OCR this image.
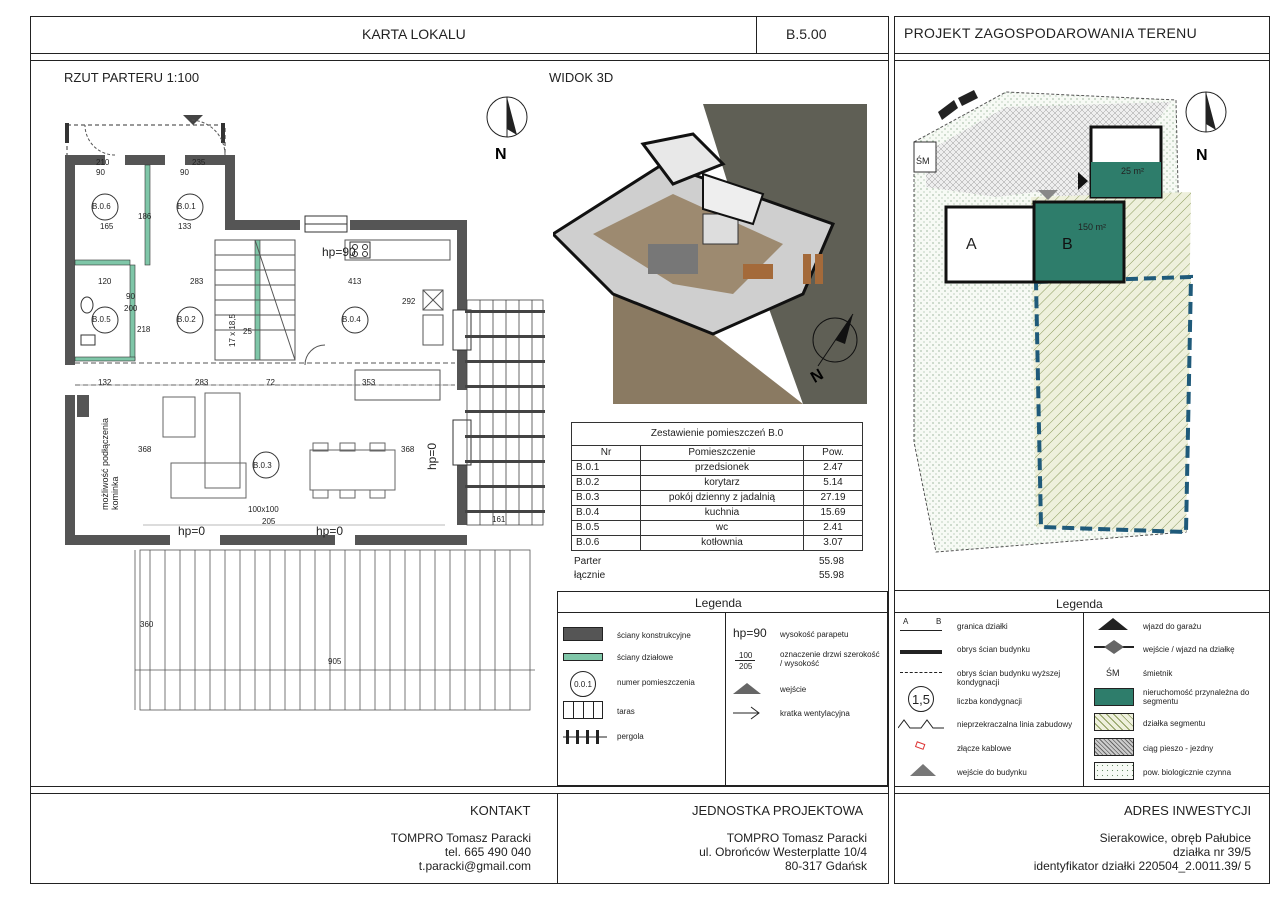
KARTA LOKALU	B.5.00	PROJEKT ZAGOSPODAROWANIA TERENU
RZUT PARTERU 1:100
N
B.0.6	B.0.1
B.0.2	B.0.4
B.0.5
B.0.3
hp=90
hp=0	hp=0
hp=0
możliwość podłączenia kominka
210
90
235
90
165	133
186
283	413
120
90
200
292
218	17 x 18,5 25
132	283	72	353
368	368
100x100
205	161
360
905
WIDOK 3D
N
Zestawienie pomieszczeń B.0		
Nr	Pomieszczenie	Pow.
B.0.1	przedsionek	2.47
B.0.2	korytarz	5.14
B.0.3	pokój dzienny z jadalnią	27.19
B.0.4	kuchnia	15.69
B.0.5	wc	2.41
B.0.6	kotłownia	3.07
Parter	55.98
łącznie	55.98
Legenda
ściany konstrukcyjne
ściany działowe
0.0.1	numer pomieszczenia
taras
pergola
hp=90 wysokość parapetu
100
205
oznaczenie drzwi szerokość / wysokość
wejście
kratka wentylacyjna
N
A	B
150 m²
25 m²
ŚM
Legenda
A	B
granica działki
obrys ścian budynku
obrys ścian budynku wyższej kondygnacji
1,5	liczba kondygnacji
nieprzekraczalna linia zabudowy
złącze kablowe
wejście do budynku
wjazd do garażu
wejście / wjazd na działkę
ŚM	śmietnik
nieruchomość przynależna do segmentu
działka segmentu
ciąg pieszo - jezdny
pow. biologicznie czynna
KONTAKT
TOMPRO Tomasz Paracki
tel. 665 490 040
t.paracki@gmail.com
JEDNOSTKA PROJEKTOWA
TOMPRO Tomasz Paracki
ul. Obrońców Westerplatte 10/4
80-317 Gdańsk
ADRES INWESTYCJI
Sierakowice, obręb Pałubice
działka nr 39/5
identyfikator działki 220504_2.0011.39/ 5
